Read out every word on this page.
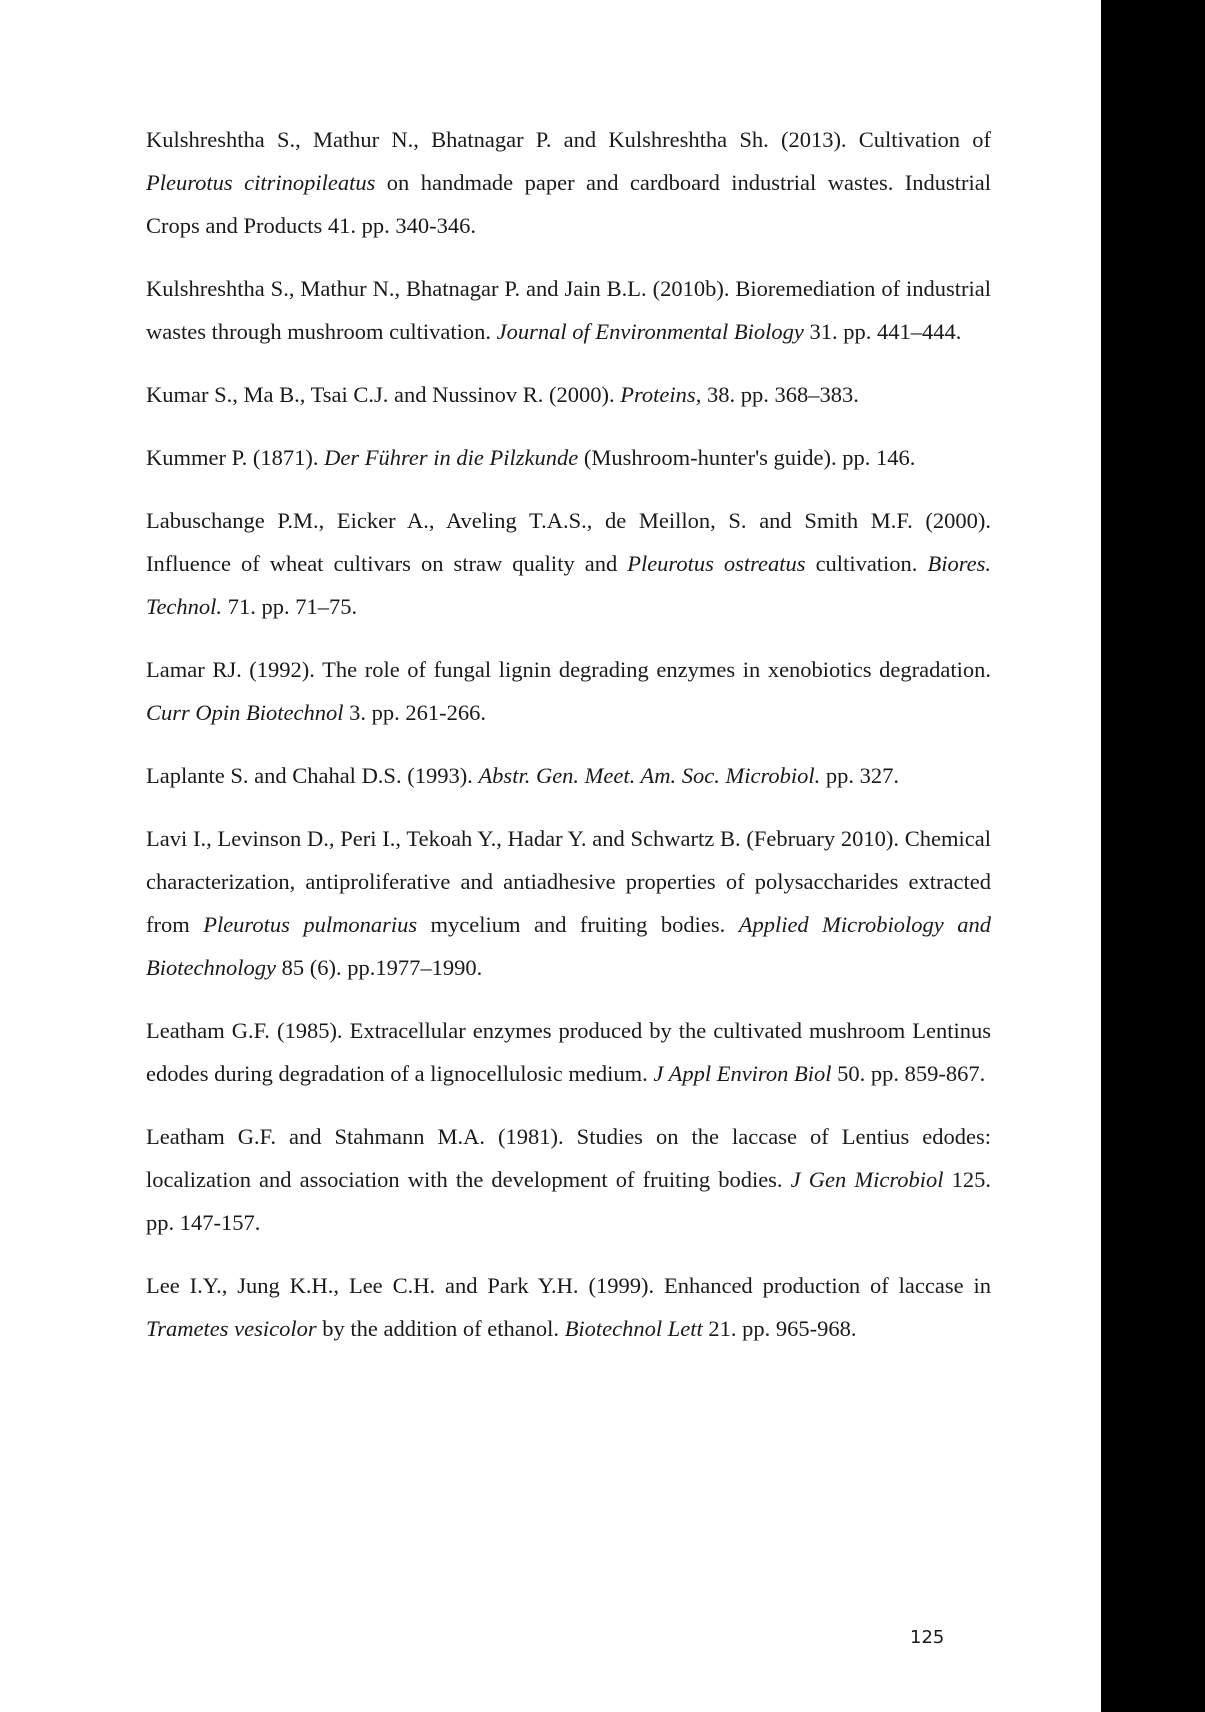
Kulshreshtha S., Mathur N., Bhatnagar P. and Kulshreshtha Sh. (2013). Cultivation of Pleurotus citrinopileatus on handmade paper and cardboard industrial wastes. Industrial Crops and Products 41. pp. 340-346.

Kulshreshtha S., Mathur N., Bhatnagar P. and Jain B.L. (2010b). Bioremediation of industrial wastes through mushroom cultivation. Journal of Environmental Biology 31. pp. 441–444.

Kumar S., Ma B., Tsai C.J. and Nussinov R. (2000). Proteins, 38. pp. 368–383.

Kummer P. (1871). Der Führer in die Pilzkunde (Mushroom-hunter's guide). pp. 146.

Labuschange P.M., Eicker A., Aveling T.A.S., de Meillon, S. and Smith M.F. (2000). Influence of wheat cultivars on straw quality and Pleurotus ostreatus cultivation. Biores. Technol. 71. pp. 71–75.

Lamar RJ. (1992). The role of fungal lignin degrading enzymes in xenobiotics degradation. Curr Opin Biotechnol 3. pp. 261-266.

Laplante S. and Chahal D.S. (1993). Abstr. Gen. Meet. Am. Soc. Microbiol. pp. 327.

Lavi I., Levinson D., Peri I., Tekoah Y., Hadar Y. and Schwartz B. (February 2010). Chemical characterization, antiproliferative and antiadhesive properties of polysaccharides extracted from Pleurotus pulmonarius mycelium and fruiting bodies. Applied Microbiology and Biotechnology 85 (6). pp.1977–1990.

Leatham G.F. (1985). Extracellular enzymes produced by the cultivated mushroom Lentinus edodes during degradation of a lignocellulosic medium. J Appl Environ Biol 50. pp. 859-867.

Leatham G.F. and Stahmann M.A. (1981). Studies on the laccase of Lentius edodes: localization and association with the development of fruiting bodies. J Gen Microbiol 125. pp. 147-157.

Lee I.Y., Jung K.H., Lee C.H. and Park Y.H. (1999). Enhanced production of laccase in Trametes vesicolor by the addition of ethanol. Biotechnol Lett 21. pp. 965-968.

125
